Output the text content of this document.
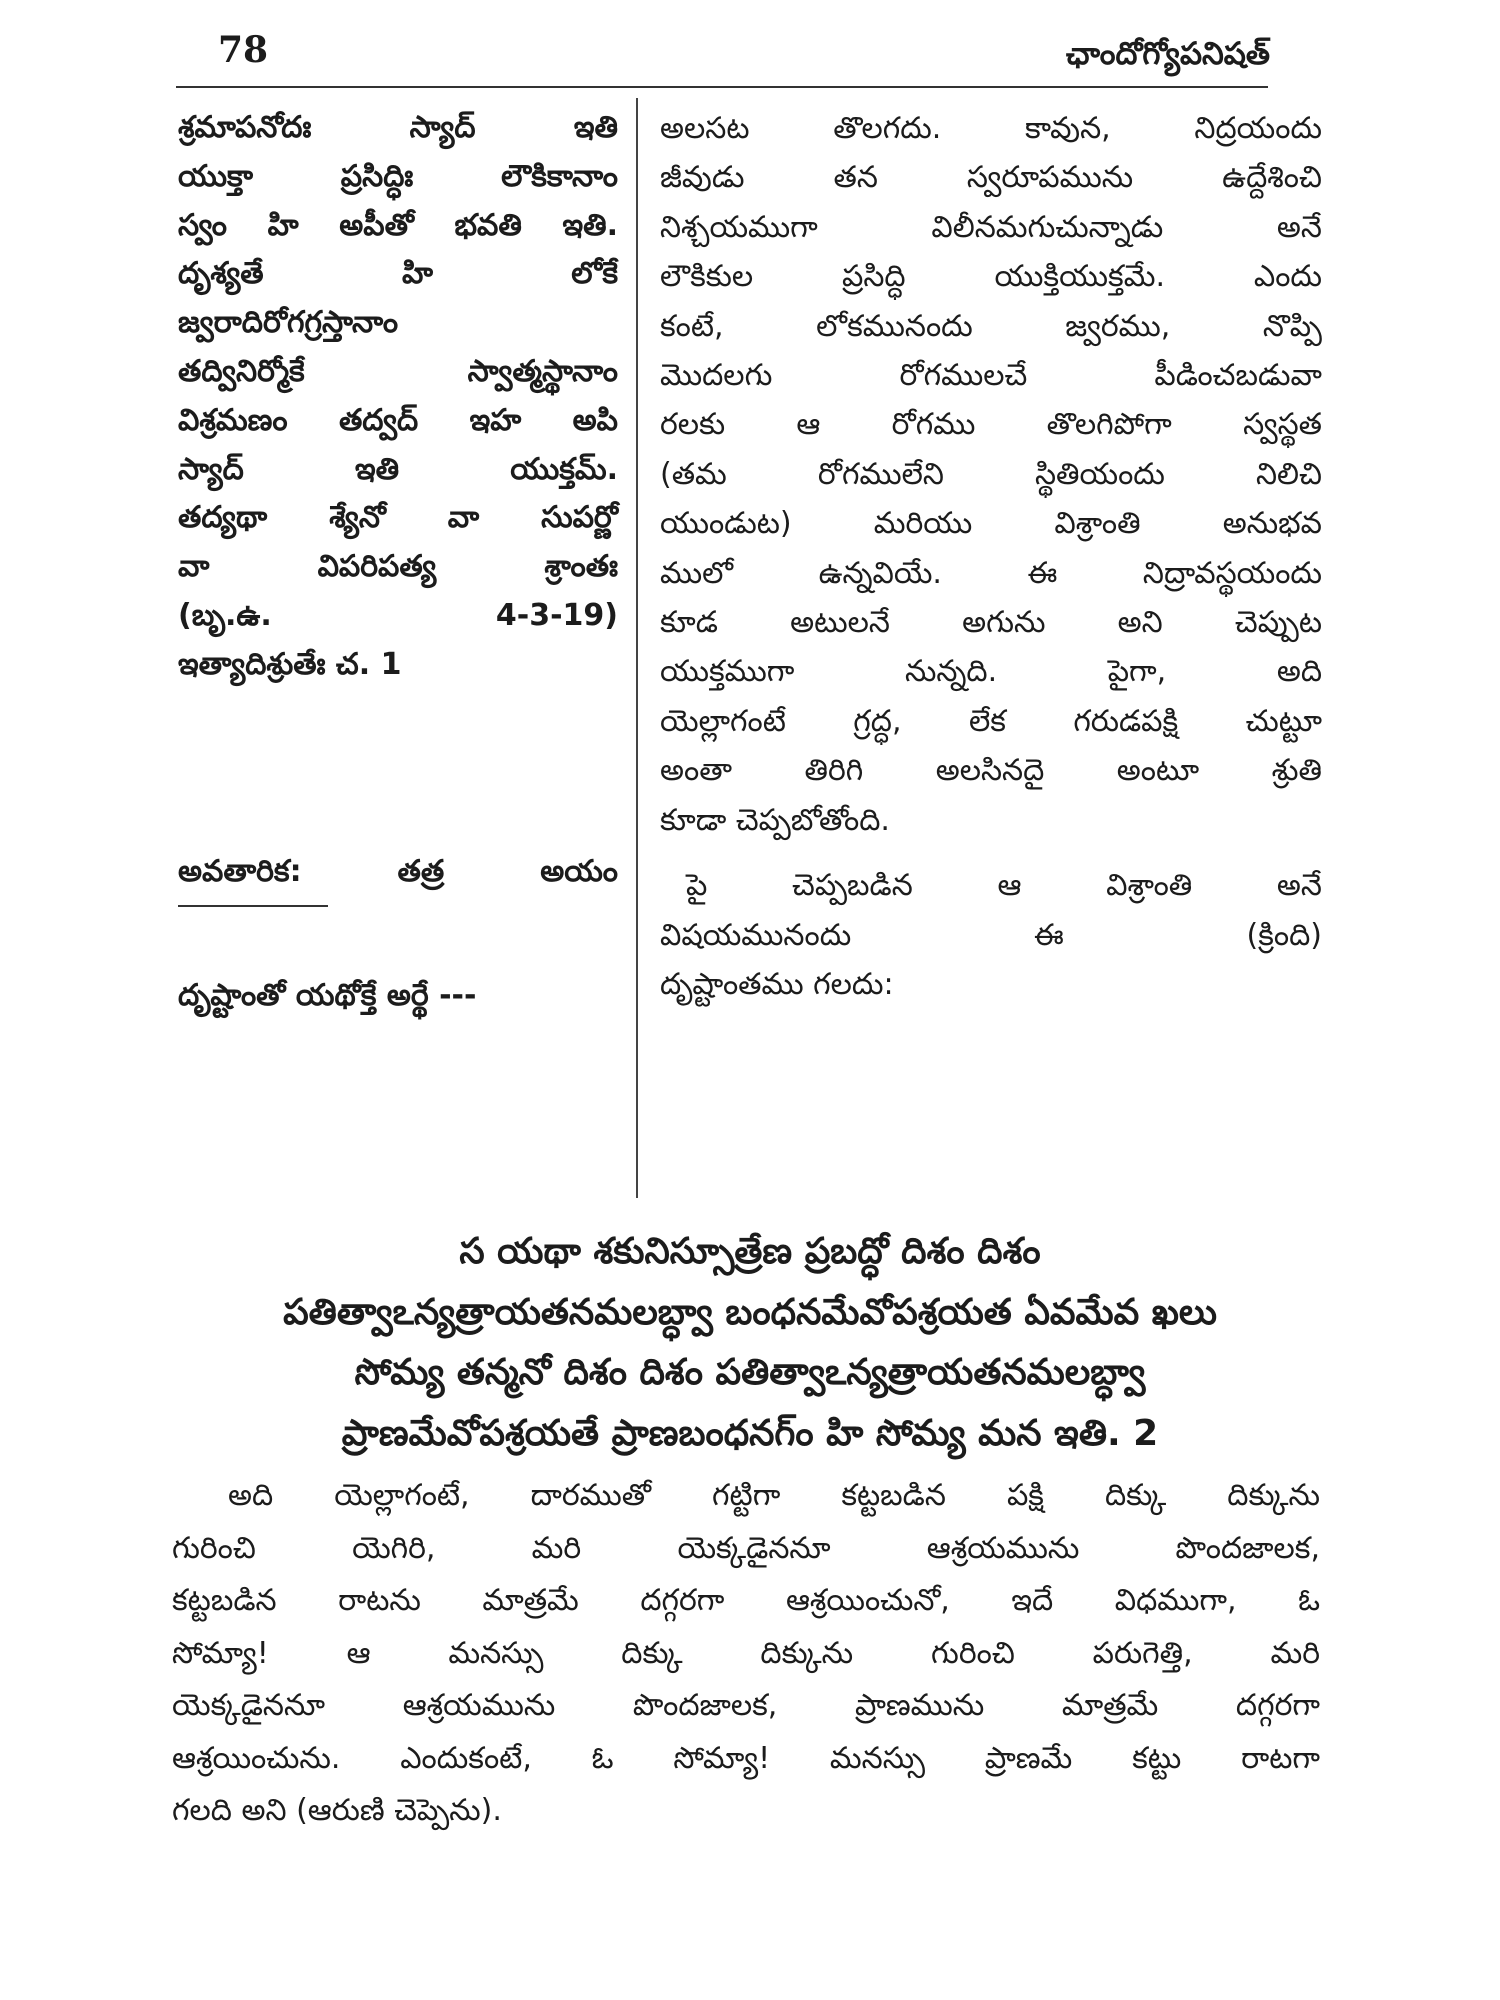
78	ఛాందోగ్యోపనిషత్

శ్రమాపనోదః స్యాద్ ఇతి

యుక్తా ప్రసిద్ధిః లౌకికానాం

స్వం హి అపీతో భవతి ఇతి.

దృశ్యతే హి లోకే

జ్వరాదిరోగగ్రస్తానాం

తద్వినిర్మోకే స్వాత్మస్థానాం

విశ్రమణం తద్వద్ ఇహ అపి

స్యాద్ ఇతి యుక్తమ్.

తద్యథా శ్యేనో వా సుపర్ణో

వా విపరిపత్య శ్రాంతః

(బృ.ఉ. 4-3-19)

ఇత్యాదిశ్రుతేః చ. 1

అవతారిక:	తత్ర	అయం

దృష్టాంతో యథోక్తే అర్థే ---

అలసట తొలగదు. కావున, నిద్రయందు

జీవుడు తన స్వరూపమును ఉద్దేశించి

నిశ్చయముగా విలీనమగుచున్నాడు అనే

లౌకికుల ప్రసిద్ధి యుక్తియుక్తమే. ఎందు

కంటే, లోకమునందు జ్వరము, నొప్పి

మొదలగు రోగములచే పీడించబడువా

రలకు ఆ రోగము తొలగిపోగా స్వస్థత

(తమ రోగములేని స్థితియందు నిలిచి

యుండుట) మరియు విశ్రాంతి అనుభవ

ములో ఉన్నవియే. ఈ నిద్రావస్థయందు

కూడ అటులనే అగును అని చెప్పుట

యుక్తముగా నున్నది. పైగా, అది

యెల్లాగంటే గ్రద్ధ, లేక గరుడపక్షి చుట్టూ

అంతా తిరిగి అలసినదై అంటూ శ్రుతి

కూడా చెప్పబోతోంది.

పై చెప్పబడిన ఆ విశ్రాంతి అనే

విషయమునందు ఈ (క్రింది)

దృష్టాంతము గలదు:

స యథా శకునిస్సూత్రేణ ప్రబద్ధో దిశం దిశం

పతిత్వాఽన్యత్రాయతనమలబ్ధ్వా బంధనమేవోపశ్రయత ఏవమేవ ఖలు

సోమ్య తన్మనో దిశం దిశం పతిత్వాఽన్యత్రాయతనమలబ్ధ్వా

ప్రాణమేవోపశ్రయతే ప్రాణబంధనగ్ం హి సోమ్య మన ఇతి. 2

అది యెల్లాగంటే, దారముతో గట్టిగా కట్టబడిన పక్షి దిక్కు దిక్కును

గురించి యెగిరి, మరి యెక్కడైననూ ఆశ్రయమును పొందజాలక,

కట్టబడిన రాటను మాత్రమే దగ్గరగా ఆశ్రయించునో, ఇదే విధముగా, ఓ

సోమ్యా! ఆ మనస్సు దిక్కు దిక్కును గురించి పరుగెత్తి, మరి

యెక్కడైననూ ఆశ్రయమును పొందజాలక, ప్రాణమును మాత్రమే దగ్గరగా

ఆశ్రయించును. ఎందుకంటే, ఓ సోమ్యా! మనస్సు ప్రాణమే కట్టు రాటగా

గలది అని (ఆరుణి చెప్పెను).
